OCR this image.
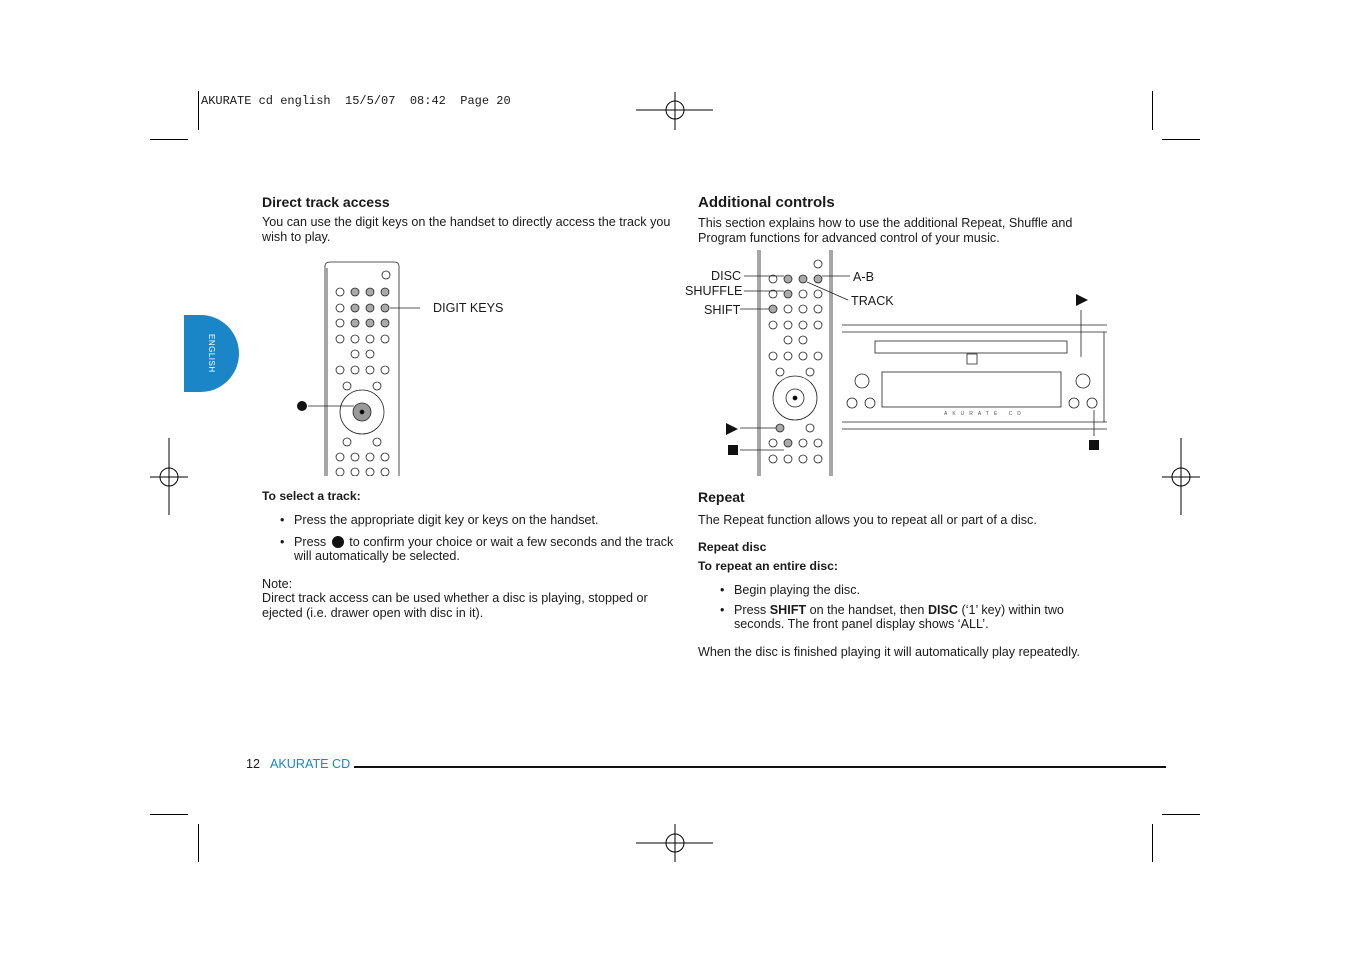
AKURATE cd english  15/5/07  08:42  Page 20
ENGLISH
Direct track access
You can use the digit keys on the handset to directly access the track you wish to play.
DIGIT KEYS
To select a track:
• Press the appropriate digit key or keys on the handset.
• Press to confirm your choice or wait a few seconds and the track will automatically be selected.
Note:
Direct track access can be used whether a disc is playing, stopped or ejected (i.e. drawer open with disc in it).
Additional controls
This section explains how to use the additional Repeat, Shuffle and Program functions for advanced control of your music.
AKURATE CD
DISC
SHUFFLE
SHIFT
A-B
TRACK
Repeat
The Repeat function allows you to repeat all or part of a disc.
Repeat disc
To repeat an entire disc:
• Begin playing the disc.
• Press SHIFT on the handset, then DISC (‘1’ key) within two seconds. The front panel display shows ‘ALL’.
When the disc is finished playing it will automatically play repeatedly.
12 AKURATE CD
